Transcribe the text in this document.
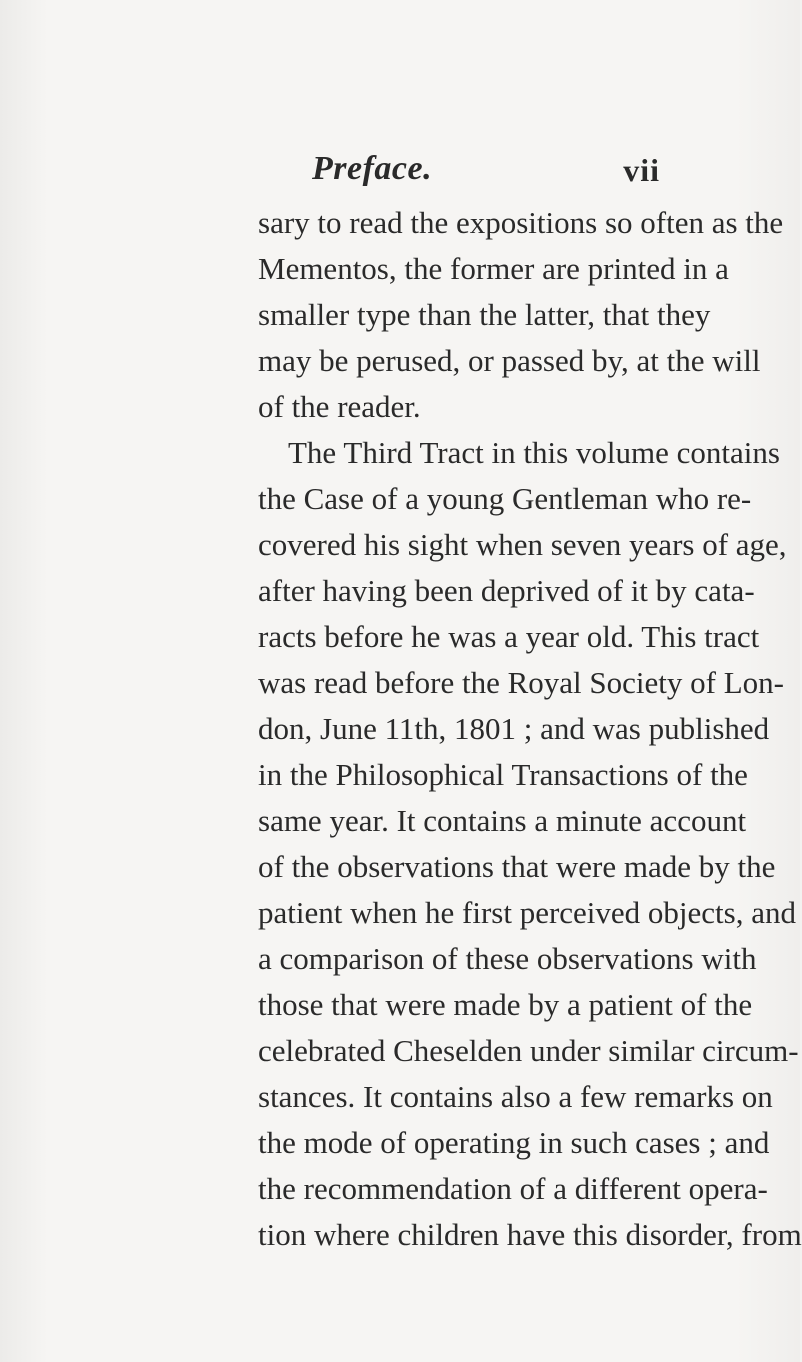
Preface.	vii
sary to read the expositions so often as the
Mementos, the former are printed in a
smaller type than the latter, that they
may be perused, or passed by, at the will
of the reader.
The Third Tract in this volume contains
the Case of a young Gentleman who re-
covered his sight when seven years of age,
after having been deprived of it by cata-
racts before he was a year old. This tract
was read before the Royal Society of Lon-
don, June 11th, 1801 ; and was published
in the Philosophical Transactions of the
same year. It contains a minute account
of the observations that were made by the
patient when he first perceived objects, and
a comparison of these observations with
those that were made by a patient of the
celebrated Cheselden under similar circum-
stances. It contains also a few remarks on
the mode of operating in such cases ; and
the recommendation of a different opera-
tion where children have this disorder, from
